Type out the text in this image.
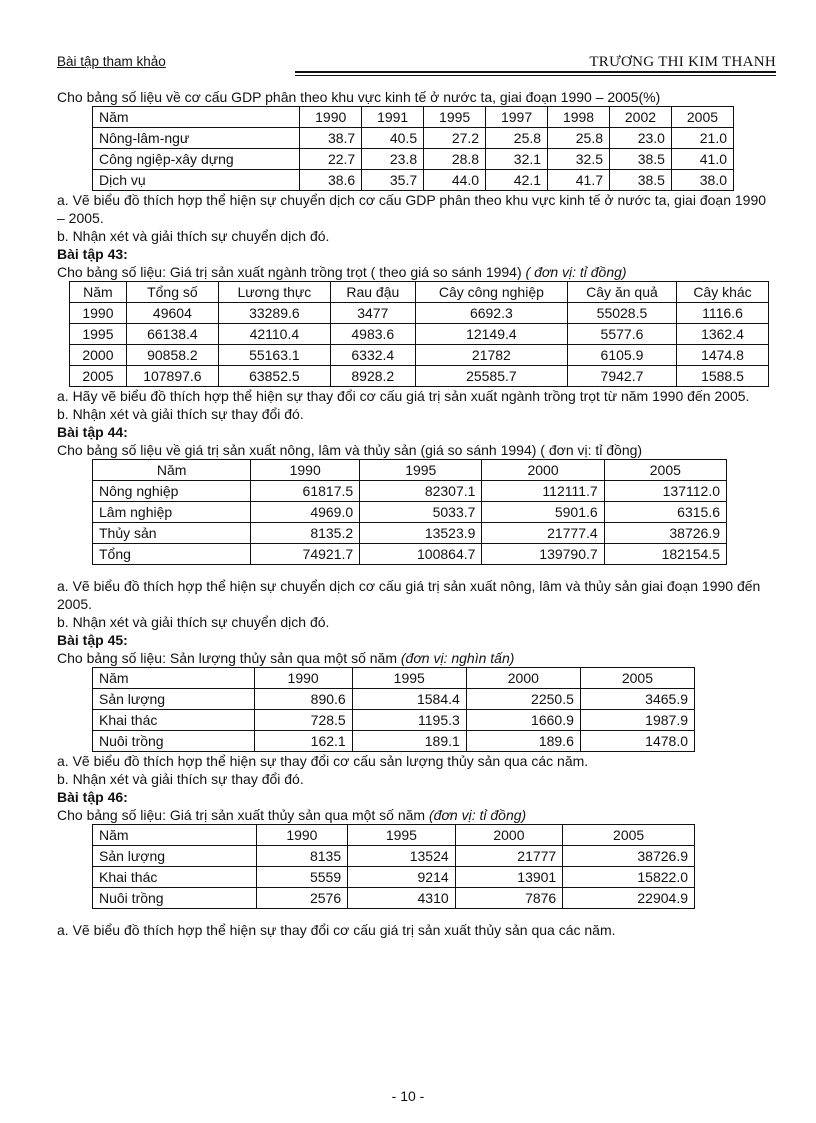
Bài tập tham khảo	TRƯƠNG THI KIM THANH

Cho bảng số liệu về cơ cấu GDP phân theo khu vực kinh tế ở nước ta, giai đoạn 1990 – 2005(%)

Năm	1990	1991	1995	1997	1998	2002	2005
Nông-lâm-ngư	38.7	40.5	27.2	25.8	25.8	23.0	21.0
Công ngiệp-xây dựng	22.7	23.8	28.8	32.1	32.5	38.5	41.0
Dịch vụ	38.6	35.7	44.0	42.1	41.7	38.5	38.0

a. Vẽ biểu đồ thích hợp thể hiện sự chuyển dịch cơ cấu GDP phân theo khu vực kinh tế ở nước ta, giai đoạn 1990 – 2005.

b. Nhận xét và giải thích sự chuyển dịch đó.

Bài tập 43:

Cho bảng số liệu: Giá trị sản xuất ngành trồng trọt ( theo giá so sánh 1994) ( đơn vị: tỉ đồng)

Năm	Tổng số	Lương thực	Rau đậu	Cây công nghiệp	Cây ăn quả	Cây khác
1990	49604	33289.6	3477	6692.3	55028.5	1116.6
1995	66138.4	42110.4	4983.6	12149.4	5577.6	1362.4
2000	90858.2	55163.1	6332.4	21782	6105.9	1474.8
2005	107897.6	63852.5	8928.2	25585.7	7942.7	1588.5

a. Hãy vẽ biểu đồ thích hợp thể hiện sự thay đổi cơ cấu giá trị sản xuất ngành trồng trọt từ năm 1990 đến 2005.

b. Nhận xét và giải thích sự thay đổi đó.

Bài tập 44:

Cho bảng số liệu về giá trị sản xuất nông, lâm và thủy sản (giá so sánh 1994) ( đơn vị: tỉ đồng)

Năm	1990	1995	2000	2005
Nông nghiệp	61817.5	82307.1	112111.7	137112.0
Lâm nghiệp	4969.0	5033.7	5901.6	6315.6
Thủy sản	8135.2	13523.9	21777.4	38726.9
Tổng	74921.7	100864.7	139790.7	182154.5

a. Vẽ biểu đồ thích hợp thể hiện sự chuyển dịch cơ cấu giá trị sản xuất nông, lâm và thủy sản giai đoạn 1990 đến 2005.

b. Nhận xét và giải thích sự chuyển dịch đó.

Bài tập 45:

Cho bảng số liệu: Sản lượng thủy sản qua một số năm (đơn vị: nghìn tấn)

Năm	1990	1995	2000	2005
Sản lượng	890.6	1584.4	2250.5	3465.9
Khai thác	728.5	1195.3	1660.9	1987.9
Nuôi trồng	162.1	189.1	189.6	1478.0

a. Vẽ biểu đồ thích hợp thể hiện sự thay đổi cơ cấu sản lượng thủy sản qua các năm.

b. Nhận xét và giải thích sự thay đổi đó.

Bài tập 46:

Cho bảng số liệu: Giá trị sản xuất thủy sản qua một số năm (đơn vị: tỉ đồng)

Năm	1990	1995	2000	2005
Sản lượng	8135	13524	21777	38726.9
Khai thác	5559	9214	13901	15822.0
Nuôi trồng	2576	4310	7876	22904.9

a. Vẽ biểu đồ thích hợp thể hiện sự thay đổi cơ cấu giá trị sản xuất thủy sản qua các năm.

- 10 -
